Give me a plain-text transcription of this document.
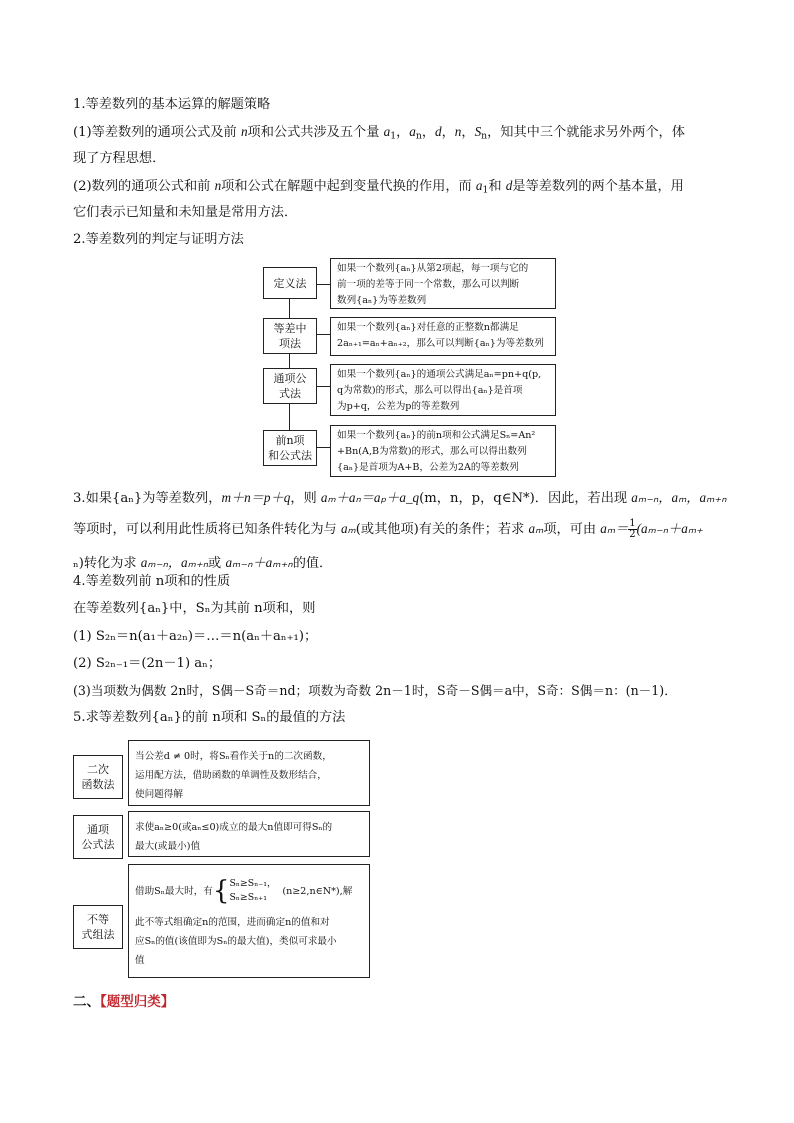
1.等差数列的基本运算的解题策略
(1)等差数列的通项公式及前 n项和公式共涉及五个量 $a_1$，$a_n$，d，n，$S_n$，知其中三个就能求另外两个，体
现了方程思想．
(2)数列的通项公式和前 n项和公式在解题中起到变量代换的作用，而 $a_1$和 d是等差数列的两个基本量，用
它们表示已知量和未知量是常用方法．
2.等差数列的判定与证明方法
定义法
如果一个数列{aₙ}从第2项起，每一项与它的
前一项的差等于同一个常数，那么可以判断
数列{aₙ}为等差数列
等差中
项法
如果一个数列{aₙ}对任意的正整数n都满足
2aₙ₊₁=aₙ+aₙ₊₂，那么可以判断{aₙ}为等差数列
通项公
式法
如果一个数列{aₙ}的通项公式满足aₙ=pn+q(p,
q为常数)的形式，那么可以得出{aₙ}是首项
为p+q，公差为p的等差数列
前n项
和公式法
如果一个数列{aₙ}的前n项和公式满足Sₙ=An²
+Bn(A,B为常数)的形式，那么可以得出数列
{aₙ}是首项为A+B，公差为2A的等差数列
3.如果{aₙ}为等差数列，m＋n＝p＋q，则 aₘ＋aₙ＝aₚ＋a_q(m，n，p，q∈N*)．因此，若出现 aₘ₋ₙ，aₘ，aₘ₊ₙ
等项时，可以利用此性质将已知条件转化为与 aₘ(或其他项)有关的条件；若求 aₘ项，可由 $a_m= \frac{1}{2} (a_{m-n}+a_{m+}$
ₙ)转化为求 aₘ₋ₙ，aₘ₊ₙ或 aₘ₋ₙ＋aₘ₊ₙ的值．
4.等差数列前 n项和的性质
在等差数列{aₙ}中，Sₙ为其前 n项和，则
(1) S₂ₙ＝n(a₁＋a₂ₙ)＝…＝n(aₙ＋aₙ₊₁)；
(2) S₂ₙ₋₁＝(2n－1) aₙ；
(3)当项数为偶数 2n时，S偶－S奇＝nd；项数为奇数 2n－1时，S奇－S偶＝a中，S奇：S偶＝n：(n－1)．
5.求等差数列{aₙ}的前 n项和 Sₙ的最值的方法
二次
函数法
当公差d ≠ 0时，将Sₙ看作关于n的二次函数，
运用配方法，借助函数的单调性及数形结合，
使问题得解
通项
公式法
求使aₙ≥0(或aₙ≤0)成立的最大n值即可得Sₙ的
最大(或最小)值
不等
式组法
借助Sₙ最大时，有 { Sₙ≥Sₙ₋₁，
Sₙ≥Sₙ₊₁
(n≥2,n∈N*),解
此不等式组确定n的范围，进而确定n的值和对
应Sₙ的值(该值即为Sₙ的最大值)，类似可求最小
值
二、【题型归类】
